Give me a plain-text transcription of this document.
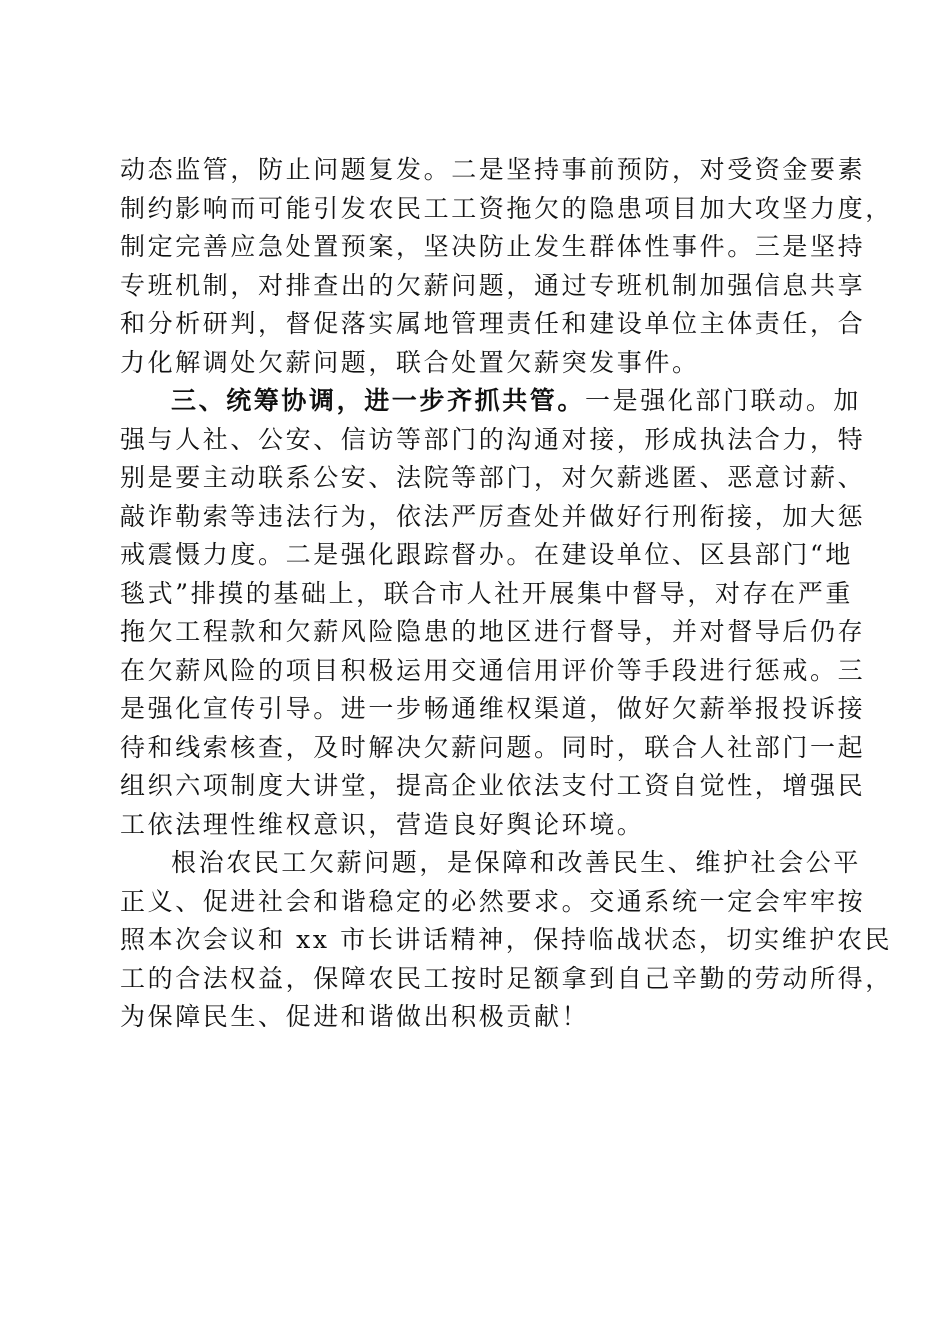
动态监管，防止问题复发。二是坚持事前预防，对受资金要素
制约影响而可能引发农民工工资拖欠的隐患项目加大攻坚力度，
制定完善应急处置预案，坚决防止发生群体性事件。三是坚持
专班机制，对排查出的欠薪问题，通过专班机制加强信息共享
和分析研判，督促落实属地管理责任和建设单位主体责任，合
力化解调处欠薪问题，联合处置欠薪突发事件。
三、统筹协调，进一步齐抓共管。一是强化部门联动。加
强与人社、公安、信访等部门的沟通对接，形成执法合力，特
别是要主动联系公安、法院等部门，对欠薪逃匿、恶意讨薪、
敲诈勒索等违法行为，依法严厉查处并做好行刑衔接，加大惩
戒震慑力度。二是强化跟踪督办。在建设单位、区县部门“地
毯式”排摸的基础上，联合市人社开展集中督导，对存在严重
拖欠工程款和欠薪风险隐患的地区进行督导，并对督导后仍存
在欠薪风险的项目积极运用交通信用评价等手段进行惩戒。三
是强化宣传引导。进一步畅通维权渠道，做好欠薪举报投诉接
待和线索核查，及时解决欠薪问题。同时，联合人社部门一起
组织六项制度大讲堂，提高企业依法支付工资自觉性，增强民
工依法理性维权意识，营造良好舆论环境。
根治农民工欠薪问题，是保障和改善民生、维护社会公平
正义、促进社会和谐稳定的必然要求。交通系统一定会牢牢按
照本次会议和 xx 市长讲话精神，保持临战状态，切实维护农民
工的合法权益，保障农民工按时足额拿到自己辛勤的劳动所得，
为保障民生、促进和谐做出积极贡献！
